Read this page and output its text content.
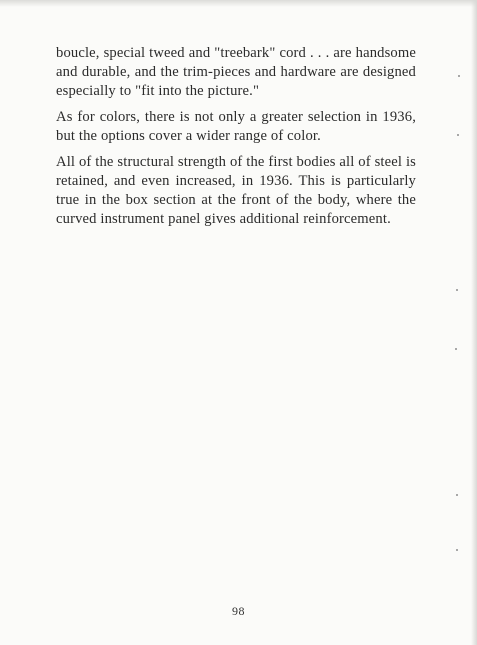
boucle, special tweed and "treebark" cord . . . are handsome and durable, and the trim-pieces and hardware are designed especially to "fit into the picture."

As for colors, there is not only a greater selection in 1936, but the options cover a wider range of color.

All of the structural strength of the first bodies all of steel is retained, and even increased, in 1936. This is particularly true in the box section at the front of the body, where the curved instrument panel gives additional reinforcement.

98
